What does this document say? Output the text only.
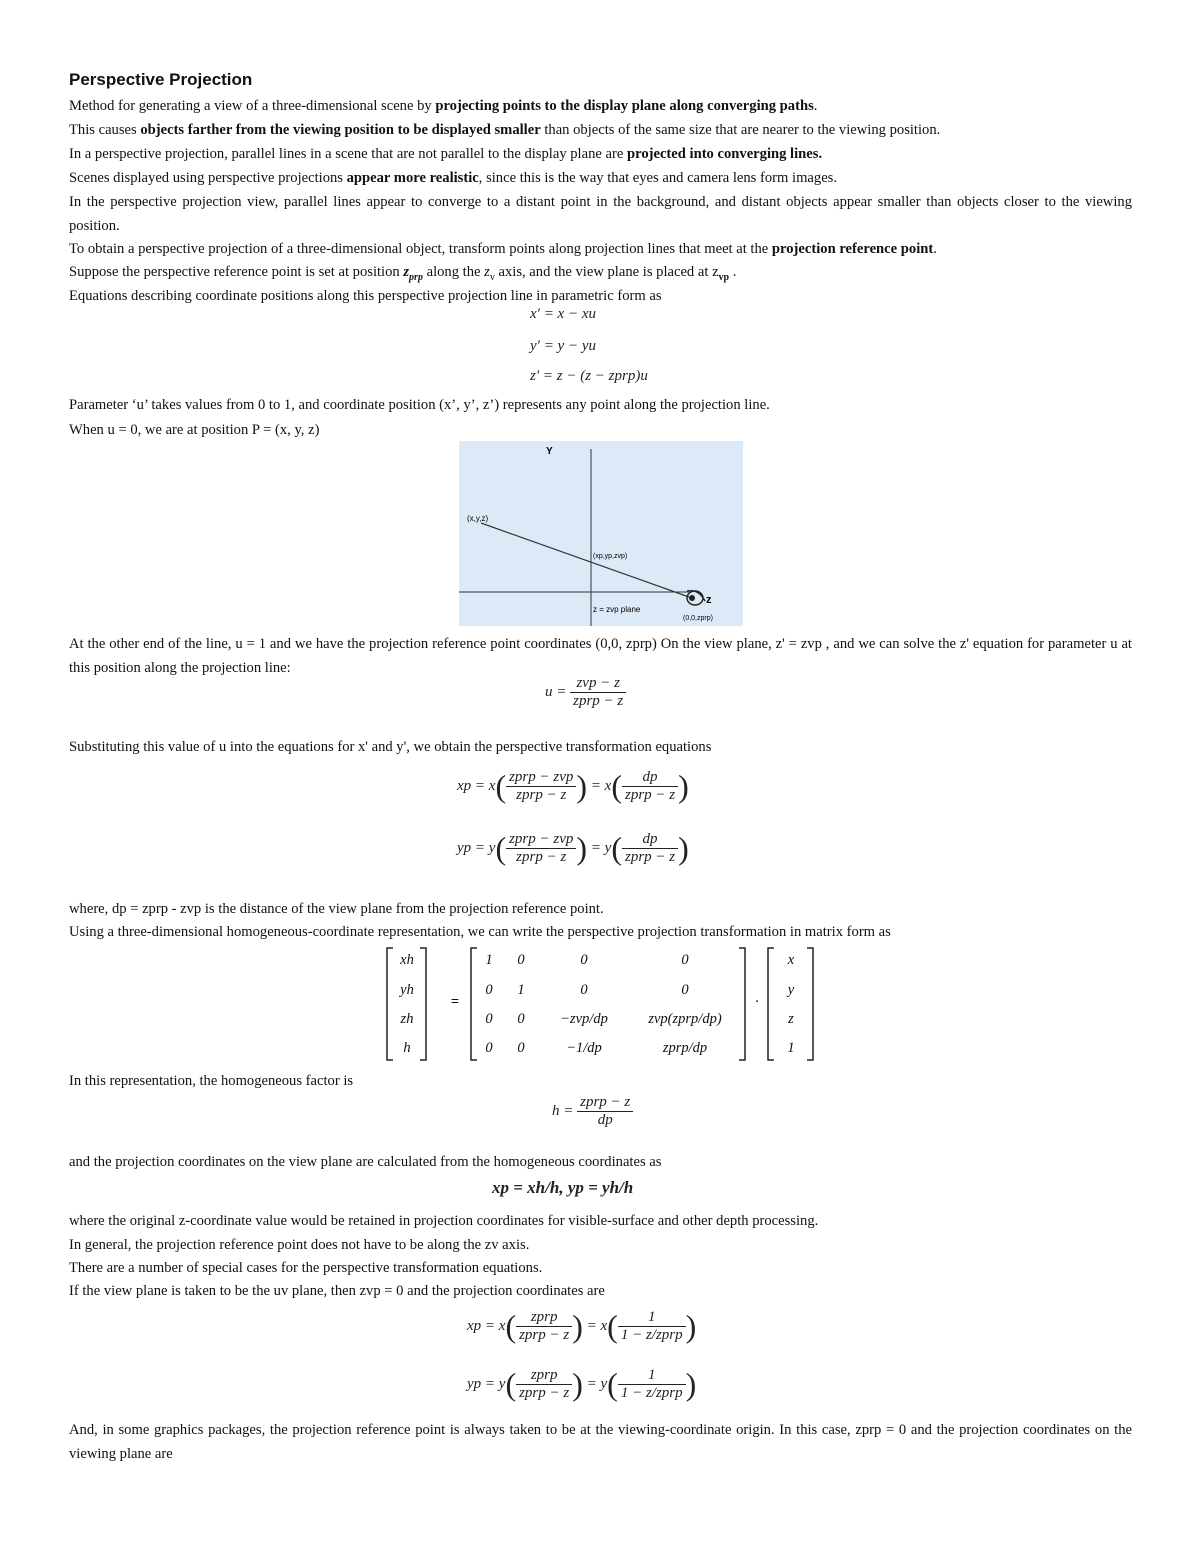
Perspective Projection
Method for generating a view of a three-dimensional scene by projecting points to the display plane along converging paths.
This causes objects farther from the viewing position to be displayed smaller than objects of the same size that are nearer to the viewing position.
In a perspective projection, parallel lines in a scene that are not parallel to the display plane are projected into converging lines.
Scenes displayed using perspective projections appear more realistic, since this is the way that eyes and camera lens form images.
In the perspective projection view, parallel lines appear to converge to a distant point in the background, and distant objects appear smaller than objects closer to the viewing position.
To obtain a perspective projection of a three-dimensional object, transform points along projection lines that meet at the projection reference point.
Suppose the perspective reference point is set at position $z_{prp}$ along the $z_v$ axis, and the view plane is placed at $z_{vp}$ .
Equations describing coordinate positions along this perspective projection line in parametric form as
x′ = x − xu
y′ = y − yu
z′ = z − (z − zprp)u
Parameter ‘u’ takes values from 0 to 1, and coordinate position (x’, y’, z’) represents any point along the projection line.
When u = 0, we are at position P = (x, y, z)
Y
z
(x,y,z)
(xp,yp,zvp)
z = zvp plane
(0,0,zprp)
At the other end of the line, u = 1 and we have the projection reference point coordinates (0,0, zprp) On the view plane, z' = zvp , and we can solve the z' equation for parameter u at this position along the projection line:
$u = \frac{\text{zvp − z}}{\text{zprp − z}}$
Substituting this value of u into the equations for x' and y', we obtain the perspective transformation equations
xp = $x( \frac{\text{zprp − zvp}}{\text{zprp − z}}$ ) = $x( \frac{dp}{\text{zprp − z}}$ )
yp = $y( \frac{\text{zprp − zvp}}{\text{zprp − z}}$ ) = $y( \frac{dp}{\text{zprp − z}}$ )
where, dp = zprp - zvp is the distance of the view plane from the projection reference point.
Using a three-dimensional homogeneous-coordinate representation, we can write the perspective projection transformation in matrix form as
xh
yh
zh
h
=
1	0	0	0
0	1	0	0
0	0	−zvp/dp	zvp(zprp/dp)
0	0	−1/dp	zprp/dp
·
x
y
z
1
In this representation, the homogeneous factor is
$h = \frac{\text{zprp − z}}{dp}$
and the projection coordinates on the view plane are calculated from the homogeneous coordinates as
xp = xh/h, yp = yh/h
where the original z-coordinate value would be retained in projection coordinates for visible-surface and other depth processing.
In general, the projection reference point does not have to be along the zv axis.
There are a number of special cases for the perspective transformation equations.
If the view plane is taken to be the uv plane, then zvp = 0 and the projection coordinates are
xp = $x( \frac{\text{zprp}}{\text{zprp − z}}$ ) = $x( \frac{1}{\text{1 − z/zprp}}$ )
yp = $y( \frac{\text{zprp}}{\text{zprp − z}}$ ) = $y( \frac{1}{\text{1 − z/zprp}}$ )
And, in some graphics packages, the projection reference point is always taken to be at the viewing-coordinate origin. In this case, zprp = 0 and the projection coordinates on the viewing plane are
